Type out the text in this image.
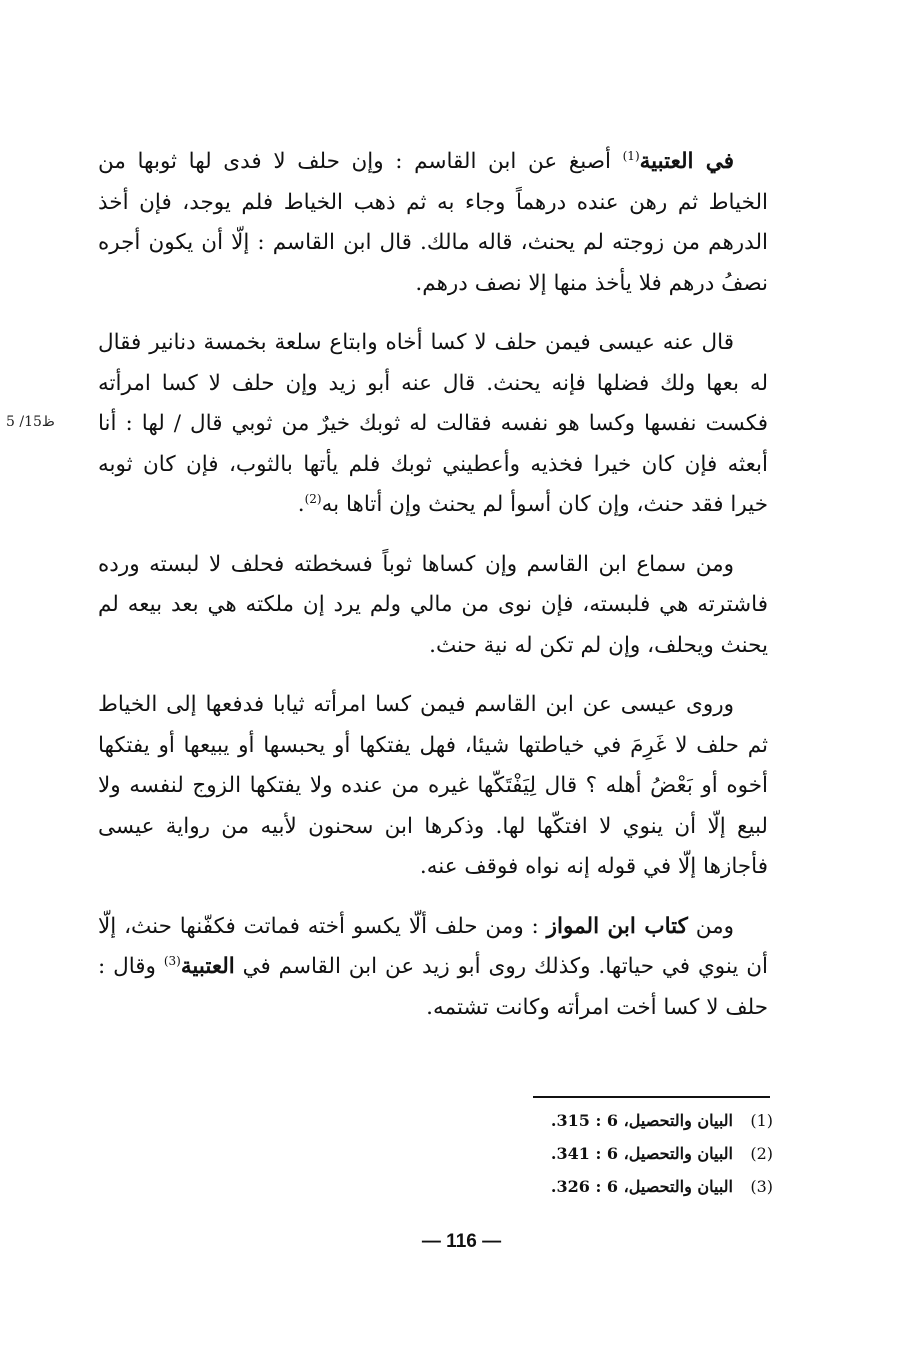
في العتبية$^{(1)}$ أصبغ عن ابن القاسم : وإن حلف لا فدى لها ثوبها من الخياط ثم رهن عنده درهماً وجاء به ثم ذهب الخياط فلم يوجد، فإن أخذ الدرهم من زوجته لم يحنث، قاله مالك. قال ابن القاسم : إلّا أن يكون أجره نصفُ درهم فلا يأخذ منها إلا نصف درهم.

قال عنه عيسى فيمن حلف لا كسا أخاه وابتاع سلعة بخمسة دنانير فقال له بعها ولك فضلها فإنه يحنث. قال عنه أبو زيد وإن حلف لا كسا امرأته فكست نفسها وكسا هو نفسه فقالت له ثوبك خيرٌ من ثوبي قال / لها : أنا أبعثه فإن كان خيرا فخذيه وأعطيني ثوبك فلم يأتها بالثوب، فإن كان ثوبه خيرا فقد حنث، وإن كان أسوأ لم يحنث وإن أتاها به$^{(2)}$.

ومن سماع ابن القاسم وإن كساها ثوباً فسخطته فحلف لا لبسته ورده فاشترته هي فلبسته، فإن نوى من مالي ولم يرد إن ملكته هي بعد بيعه لم يحنث ويحلف، وإن لم تكن له نية حنث.

وروى عيسى عن ابن القاسم فيمن كسا امرأته ثيابا فدفعها إلى الخياط ثم حلف لا غَرِمَ في خياطتها شيئا، فهل يفتكها أو يحبسها أو يبيعها أو يفتكها أخوه أو بَعْضُ أهله ؟ قال لِيَفْتَكّها غيره من عنده ولا يفتكها الزوج لنفسه ولا لبيع إلّا أن ينوي لا افتكّها لها. وذكرها ابن سحنون لأبيه من رواية عيسى فأجازها إلّا في قوله إنه نواه فوقف عنه.

ومن كتاب ابن المواز : ومن حلف ألّا يكسو أخته فماتت فكفّنها حنث، إلّا أن ينوي في حياتها. وكذلك روى أبو زيد عن ابن القاسم في العتبية$^{(3)}$ وقال : حلف لا كسا أخت امرأته وكانت تشتمه.

5 /15ظ
(1)
البيان والتحصيل، 6 : 315.
(2)
البيان والتحصيل، 6 : 341.
(3)
البيان والتحصيل، 6 : 326.
— 116 —
